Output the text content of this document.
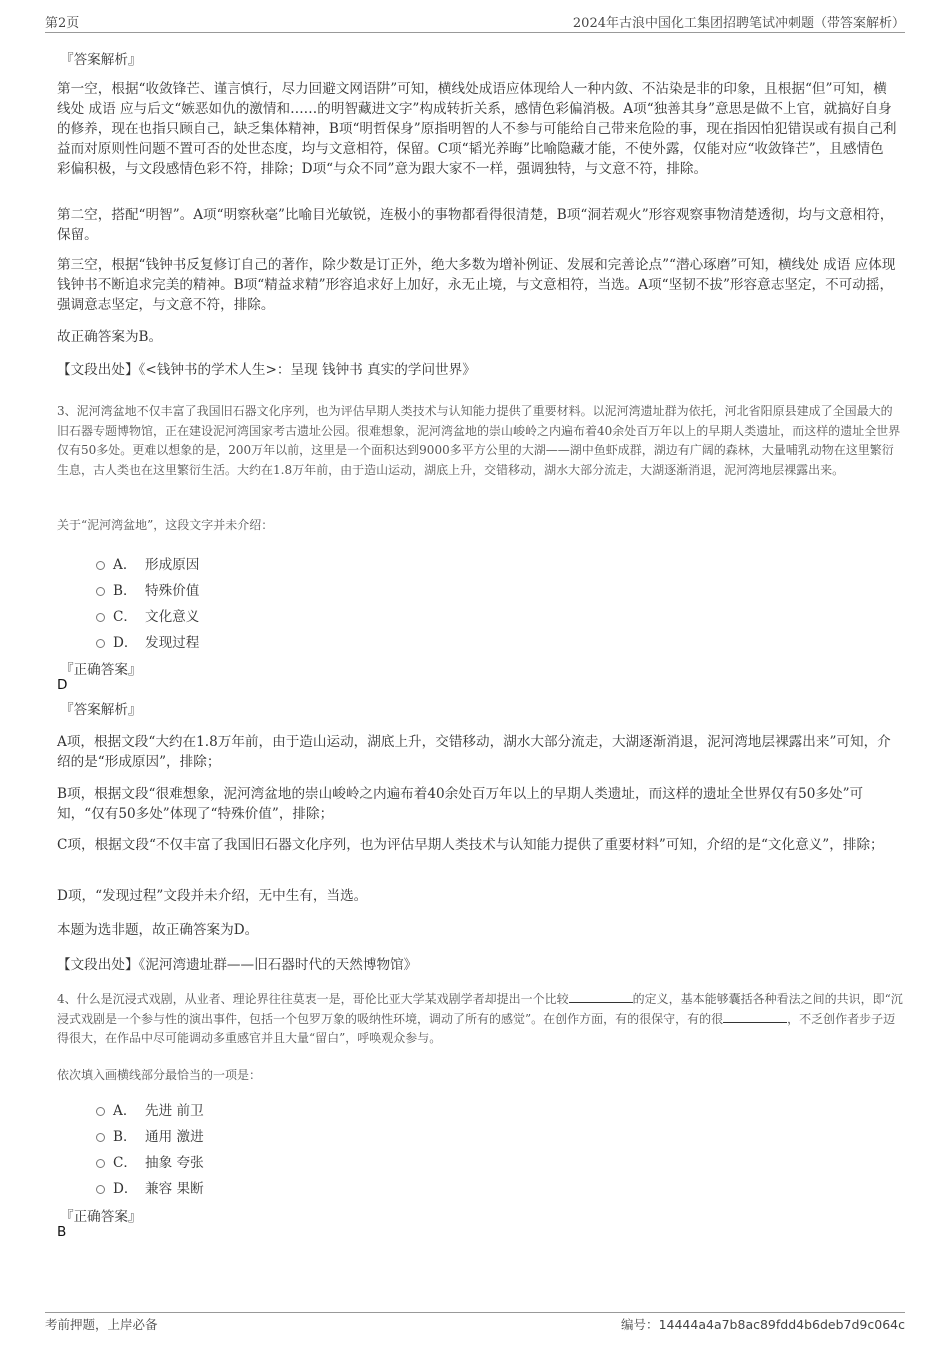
第2页	2024年古浪中国化工集团招聘笔试冲刺题（带答案解析）
『答案解析』

第一空，根据“收敛锋芒、谨言慎行，尽力回避文网语阱”可知，横线处成语应体现给人一种内敛、不沾染是非的印象，且根据“但”可知，横线处 成语 应与后文“嫉恶如仇的激情和……的明智藏进文字”构成转折关系，感情色彩偏消极。A项“独善其身”意思是做不上官，就搞好自身的修养，现在也指只顾自己，缺乏集体精神，B项“明哲保身”原指明智的人不参与可能给自己带来危险的事，现在指因怕犯错误或有损自己利益而对原则性问题不置可否的处世态度，均与文意相符，保留。C项“韬光养晦”比喻隐藏才能，不使外露，仅能对应“收敛锋芒”，且感情色彩偏积极，与文段感情色彩不符，排除；D项“与众不同”意为跟大家不一样，强调独特，与文意不符，排除。

第二空，搭配“明智”。A项“明察秋毫”比喻目光敏锐，连极小的事物都看得很清楚，B项“洞若观火”形容观察事物清楚透彻，均与文意相符，保留。

第三空，根据“钱钟书反复修订自己的著作，除少数是订正外，绝大多数为增补例证、发展和完善论点”“潜心琢磨”可知，横线处 成语 应体现钱钟书不断追求完美的精神。B项“精益求精”形容追求好上加好，永无止境，与文意相符，当选。A项“坚韧不拔”形容意志坚定，不可动摇，强调意志坚定，与文意不符，排除。

故正确答案为B。

【文段出处】《<钱钟书的学术人生>：呈现 钱钟书 真实的学问世界》

3、泥河湾盆地不仅丰富了我国旧石器文化序列，也为评估早期人类技术与认知能力提供了重要材料。以泥河湾遗址群为依托，河北省阳原县建成了全国最大的旧石器专题博物馆，正在建设泥河湾国家考古遗址公园。很难想象，泥河湾盆地的崇山峻岭之内遍布着40余处百万年以上的早期人类遗址，而这样的遗址全世界仅有50多处。更难以想象的是，200万年以前，这里是一个面积达到9000多平方公里的大湖——湖中鱼虾成群，湖边有广阔的森林，大量哺乳动物在这里繁衍生息，古人类也在这里繁衍生活。大约在1.8万年前，由于造山运动，湖底上升，交错移动，湖水大部分流走，大湖逐渐消退，泥河湾地层裸露出来。

关于“泥河湾盆地”，这段文字并未介绍：
A． 形成原因
B． 特殊价值
C． 文化意义
D． 发现过程
『正确答案』
D
『答案解析』

A项，根据文段“大约在1.8万年前，由于造山运动，湖底上升，交错移动，湖水大部分流走，大湖逐渐消退，泥河湾地层裸露出来”可知，介绍的是“形成原因”，排除；

B项，根据文段“很难想象，泥河湾盆地的崇山峻岭之内遍布着40余处百万年以上的早期人类遗址，而这样的遗址全世界仅有50多处”可知，“仅有50多处”体现了“特殊价值”，排除；

C项，根据文段“不仅丰富了我国旧石器文化序列，也为评估早期人类技术与认知能力提供了重要材料”可知，介绍的是“文化意义”，排除；

D项，“发现过程”文段并未介绍，无中生有，当选。

本题为选非题，故正确答案为D。

【文段出处】《泥河湾遗址群——旧石器时代的天然博物馆》

4、什么是沉浸式戏剧，从业者、理论界往往莫衷一是，哥伦比亚大学某戏剧学者却提出一个比较	的定义，基本能够囊括各种看法之间的共识，即“沉浸式戏剧是一个参与性的演出事件，包括一个包罗万象的吸纳性环境，调动了所有的感觉”。在创作方面，有的很保守，有的很	，不乏创作者步子迈得很大，在作品中尽可能调动多重感官并且大量“留白”，呼唤观众参与。

依次填入画横线部分最恰当的一项是：
A． 先进 前卫
B． 通用 激进
C． 抽象 夸张
D． 兼容 果断
『正确答案』
B
考前押题，上岸必备	编号：14444a4a7b8ac89fdd4b6deb7d9c064c
